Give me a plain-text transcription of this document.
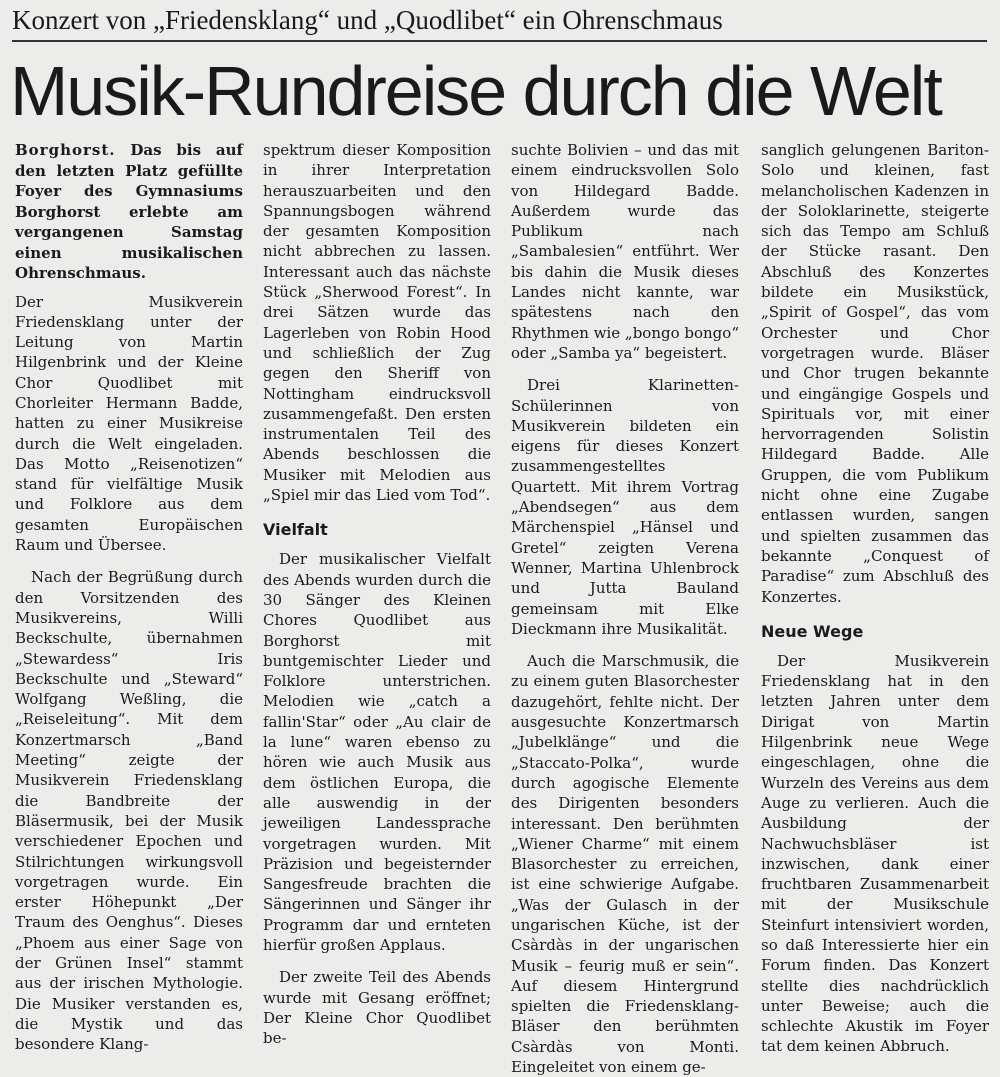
Konzert von „Friedensklang“ und „Quodlibet“ ein Ohrenschmaus
Musik-Rundreise durch die Welt

Borghorst. Das bis auf den letzten Platz gefüllte Foyer des Gymnasiums Borghorst erlebte am vergangenen Samstag einen musikalischen Ohrenschmaus.

Der Musikverein Friedensklang unter der Leitung von Martin Hilgenbrink und der Kleine Chor Quodlibet mit Chorleiter Hermann Badde, hatten zu einer Musikreise durch die Welt eingeladen. Das Motto „Reisenotizen“ stand für vielfältige Musik und Folklore aus dem gesamten Europäischen Raum und Übersee.

Nach der Begrüßung durch den Vorsitzenden des Musikvereins, Willi Beckschulte, übernahmen „Stewardess“ Iris Beckschulte und „Steward“ Wolfgang Weßling, die „Reiseleitung“. Mit dem Konzertmarsch „Band Meeting“ zeigte der Musikverein Friedensklang die Bandbreite der Bläsermusik, bei der Musik verschiedener Epochen und Stilrichtungen wirkungsvoll vorgetragen wurde. Ein erster Höhepunkt „Der Traum des Oenghus“. Dieses „Phoem aus einer Sage von der Grünen Insel“ stammt aus der irischen Mythologie. Die Musiker verstanden es, die Mystik und das besondere Klang-

spektrum dieser Komposition in ihrer Interpretation herauszuarbeiten und den Spannungsbogen während der gesamten Komposition nicht abbrechen zu lassen. Interessant auch das nächste Stück „Sherwood Forest“. In drei Sätzen wurde das Lagerleben von Robin Hood und schließlich der Zug gegen den Sheriff von Nottingham eindrucksvoll zusammengefaßt. Den ersten instrumentalen Teil des Abends beschlossen die Musiker mit Melodien aus „Spiel mir das Lied vom Tod“.

Vielfalt

Der musikalischer Vielfalt des Abends wurden durch die 30 Sänger des Kleinen Chores Quodlibet aus Borghorst mit buntgemischter Lieder und Folklore unterstrichen. Melodien wie „catch a fallin'Star“ oder „Au clair de la lune“ waren ebenso zu hören wie auch Musik aus dem östlichen Europa, die alle auswendig in der jeweiligen Landessprache vorgetragen wurden. Mit Präzision und begeisternder Sangesfreude brachten die Sängerinnen und Sänger ihr Programm dar und ernteten hierfür großen Applaus.

Der zweite Teil des Abends wurde mit Gesang eröffnet; Der Kleine Chor Quodlibet be-

suchte Bolivien – und das mit einem eindrucksvollen Solo von Hildegard Badde. Außerdem wurde das Publikum nach „Sambalesien“ entführt. Wer bis dahin die Musik dieses Landes nicht kannte, war spätestens nach den Rhythmen wie „bongo bongo“ oder „Samba ya“ begeistert.

Drei Klarinetten-Schülerinnen von Musikverein bildeten ein eigens für dieses Konzert zusammengestelltes Quartett. Mit ihrem Vortrag „Abendsegen“ aus dem Märchenspiel „Hänsel und Gretel“ zeigten Verena Wenner, Martina Uhlenbrock und Jutta Bauland gemeinsam mit Elke Dieckmann ihre Musikalität.

Auch die Marschmusik, die zu einem guten Blasorchester dazugehört, fehlte nicht. Der ausgesuchte Konzertmarsch „Jubelklänge“ und die „Staccato-Polka“, wurde durch agogische Elemente des Dirigenten besonders interessant. Den berühmten „Wiener Charme“ mit einem Blasorchester zu erreichen, ist eine schwierige Aufgabe. „Was der Gulasch in der ungarischen Küche, ist der Csàrdàs in der ungarischen Musik – feurig muß er sein“. Auf diesem Hintergrund spielten die Friedensklang-Bläser den berühmten Csàrdàs von Monti. Eingeleitet von einem ge-

sanglich gelungenen Bariton-Solo und kleinen, fast melancholischen Kadenzen in der Soloklarinette, steigerte sich das Tempo am Schluß der Stücke rasant. Den Abschluß des Konzertes bildete ein Musikstück, „Spirit of Gospel“, das vom Orchester und Chor vorgetragen wurde. Bläser und Chor trugen bekannte und eingängige Gospels und Spirituals vor, mit einer hervorragenden Solistin Hildegard Badde. Alle Gruppen, die vom Publikum nicht ohne eine Zugabe entlassen wurden, sangen und spielten zusammen das bekannte „Conquest of Paradise“ zum Abschluß des Konzertes.

Neue Wege

Der Musikverein Friedensklang hat in den letzten Jahren unter dem Dirigat von Martin Hilgenbrink neue Wege eingeschlagen, ohne die Wurzeln des Vereins aus dem Auge zu verlieren. Auch die Ausbildung der Nachwuchsbläser ist inzwischen, dank einer fruchtbaren Zusammenarbeit mit der Musikschule Steinfurt intensiviert worden, so daß Interessierte hier ein Forum finden. Das Konzert stellte dies nachdrücklich unter Beweise; auch die schlechte Akustik im Foyer tat dem keinen Abbruch.
